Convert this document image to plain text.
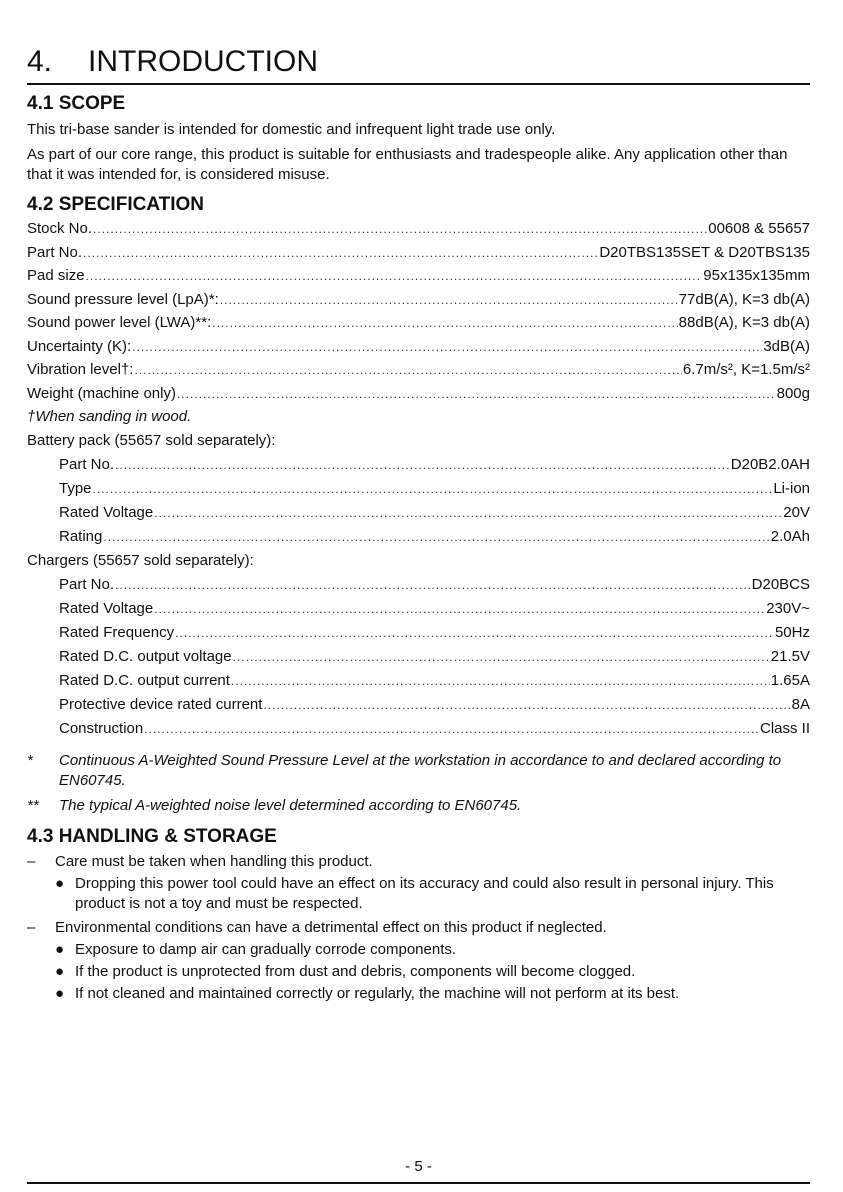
4. INTRODUCTION
4.1 SCOPE
This tri-base sander is intended for domestic and infrequent light trade use only.
As part of our core range, this product is suitable for enthusiasts and tradespeople alike. Any application other than that it was intended for, is considered misuse.
4.2 SPECIFICATION
Stock No. .....	00608 & 55657
Part No. .....	D20TBS135SET & D20TBS135
Pad size .....	95x135x135mm
Sound pressure level (LpA)*: .....	77dB(A), K=3 db(A)
Sound power level (LWA)**: .....	88dB(A), K=3 db(A)
Uncertainty (K): .....	3dB(A)
Vibration level†: .....	6.7m/s², K=1.5m/s²
Weight (machine only) .....	800g
†When sanding in wood.
Battery pack (55657 sold separately):
Part No. .....	D20B2.0AH
Type .....	Li-ion
Rated Voltage .....	20V
Rating .....	2.0Ah
Chargers (55657 sold separately):
Part No. .....	D20BCS
Rated Voltage .....	230V~
Rated Frequency .....	50Hz
Rated D.C. output voltage .....	21.5V
Rated D.C. output current .....	1.65A
Protective device rated current .....	8A
Construction .....	Class II
* Continuous A-Weighted Sound Pressure Level at the workstation in accordance to and declared according to EN60745.
** The typical A-weighted noise level determined according to EN60745.
4.3 HANDLING & STORAGE
– Care must be taken when handling this product.
● Dropping this power tool could have an effect on its accuracy and could also result in personal injury. This product is not a toy and must be respected.
– Environmental conditions can have a detrimental effect on this product if neglected.
● Exposure to damp air can gradually corrode components.
● If the product is unprotected from dust and debris, components will become clogged.
● If not cleaned and maintained correctly or regularly, the machine will not perform at its best.
- 5 -
